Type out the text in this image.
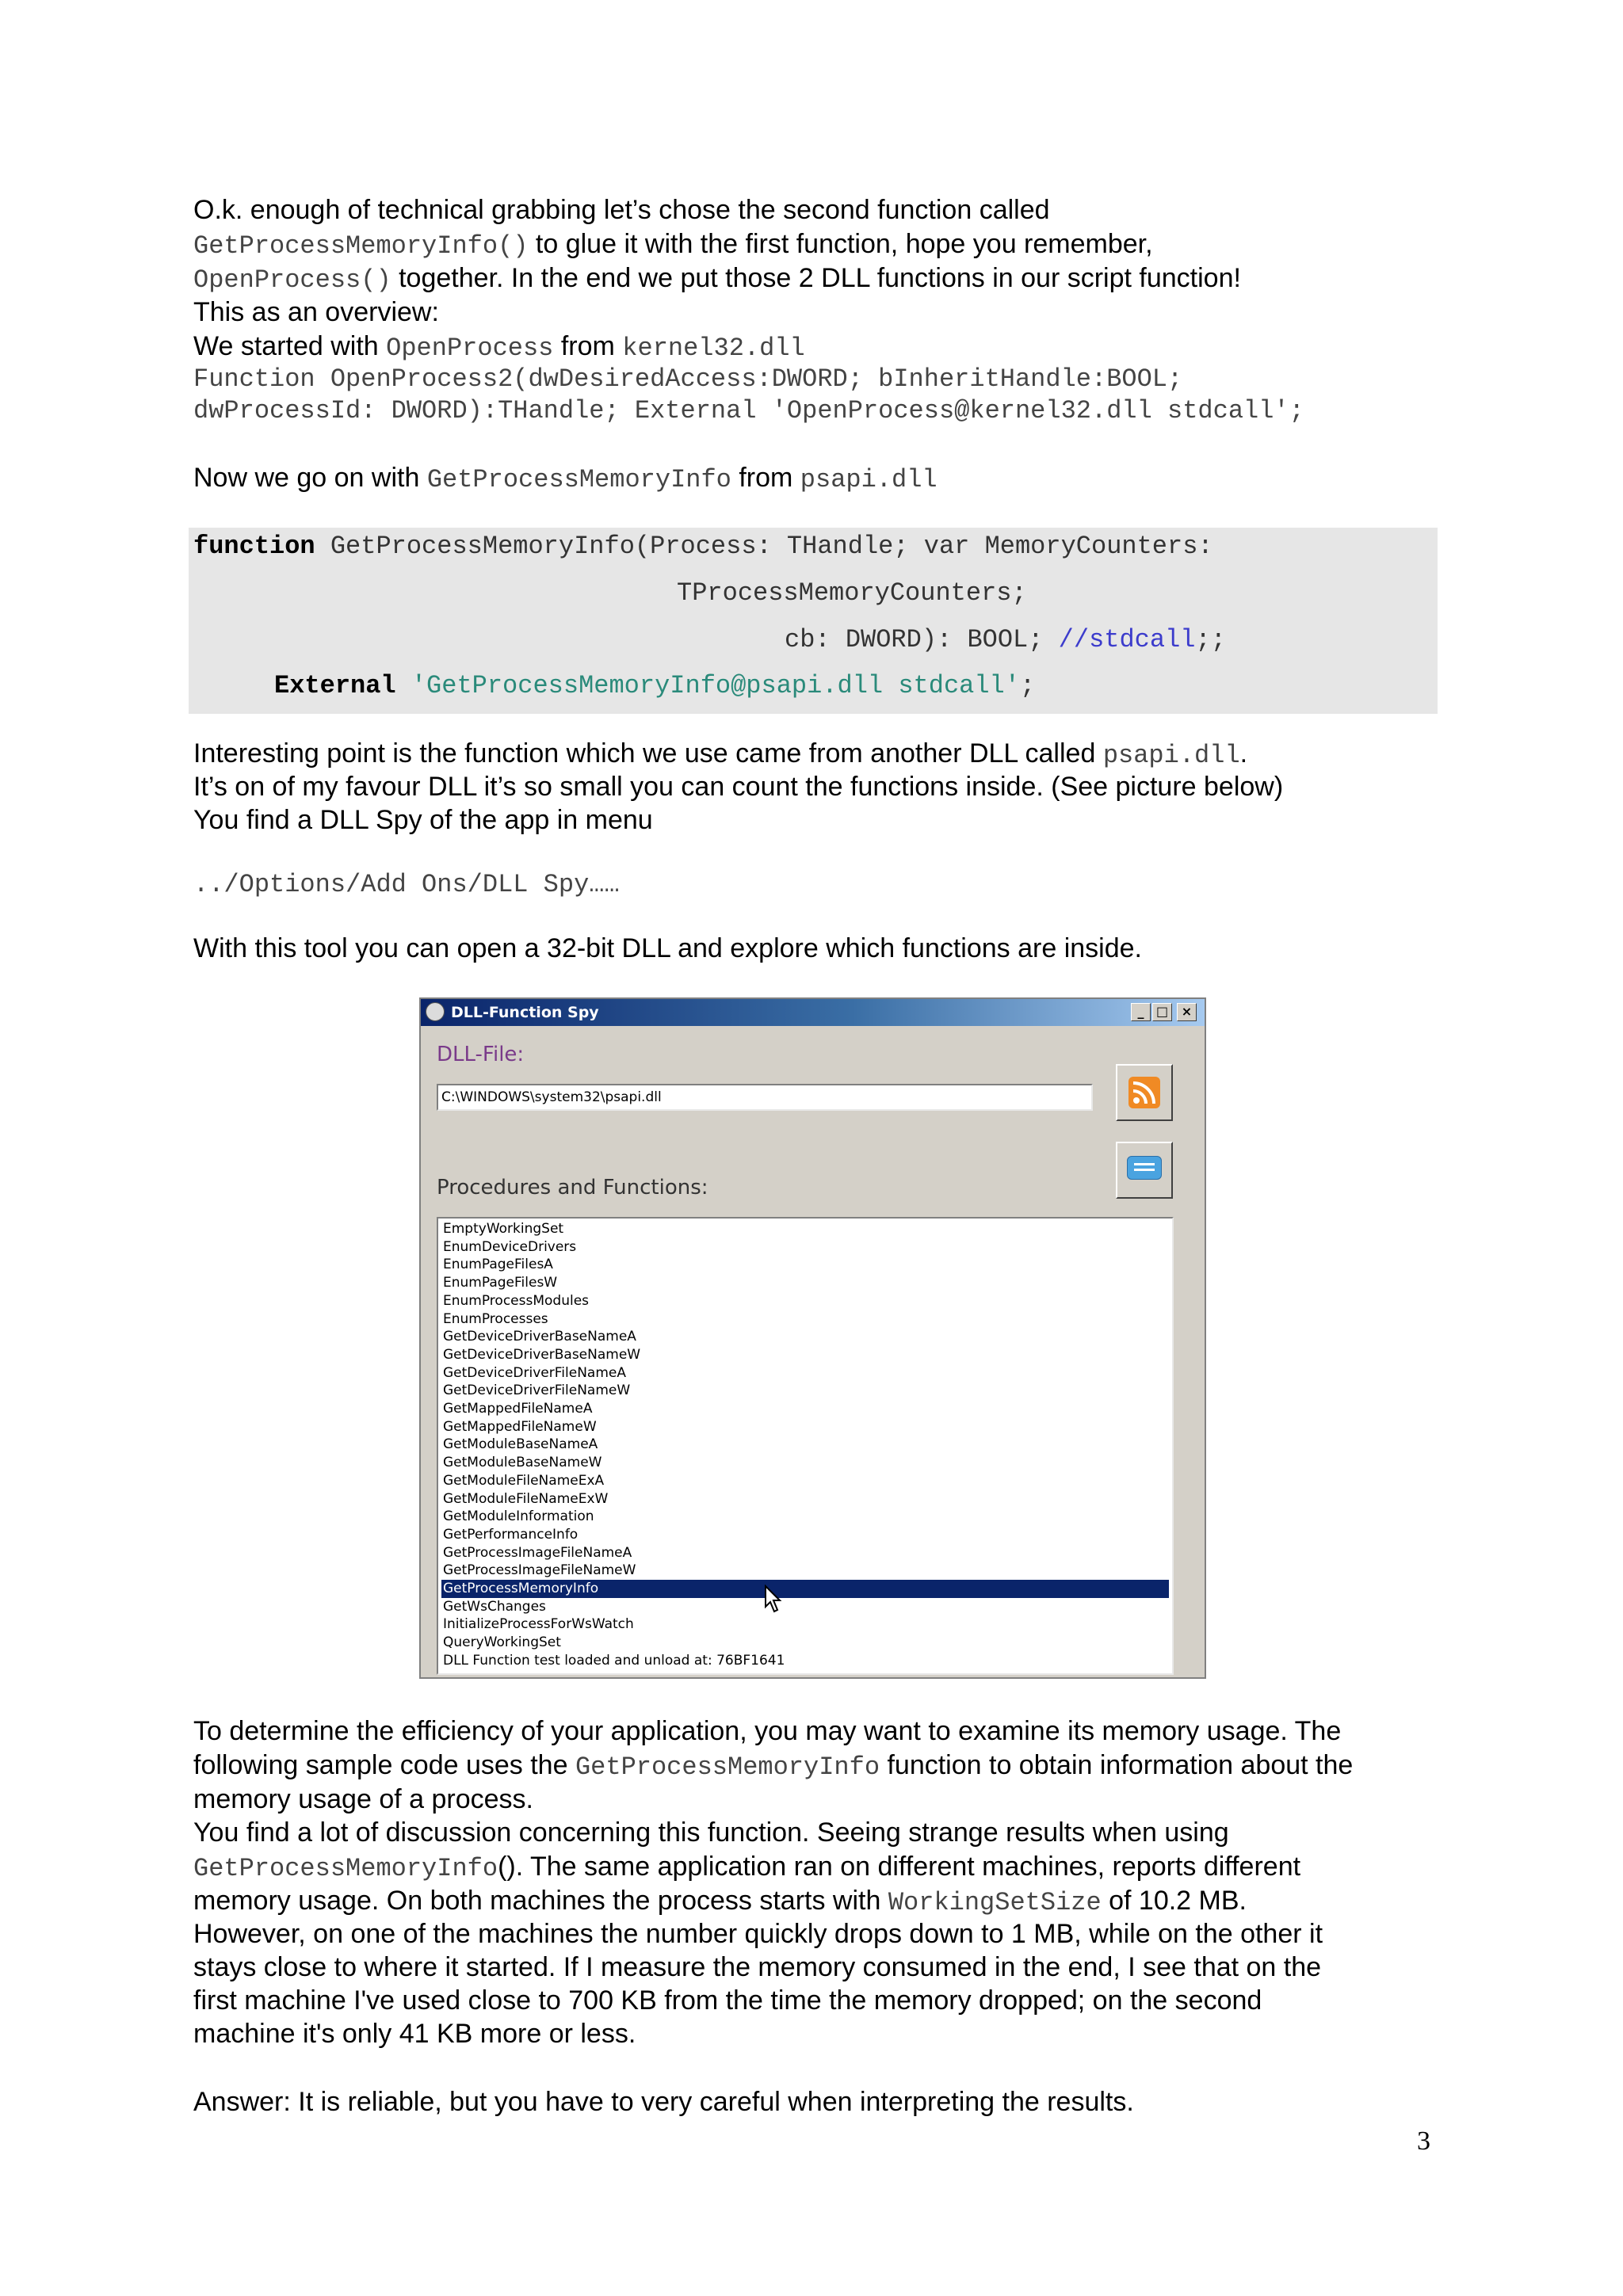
O.k. enough of technical grabbing let’s chose the second function called
GetProcessMemoryInfo() to glue it with the first function, hope you remember,
OpenProcess() together. In the end we put those 2 DLL functions in our script function!
This as an overview:
We started with OpenProcess from kernel32.dll
Function OpenProcess2(dwDesiredAccess:DWORD; bInheritHandle:BOOL;
dwProcessId: DWORD):THandle; External 'OpenProcess@kernel32.dll stdcall';
Now we go on with GetProcessMemoryInfo from psapi.dll
function GetProcessMemoryInfo(Process: THandle; var MemoryCounters:
TProcessMemoryCounters;
cb: DWORD): BOOL; //stdcall;;
External 'GetProcessMemoryInfo@psapi.dll stdcall';
Interesting point is the function which we use came from another DLL called psapi.dll.
It’s on of my favour DLL it’s so small you can count the functions inside. (See picture below)
You find a DLL Spy of the app in menu
../Options/Add Ons/DLL Spy……
With this tool you can open a 32-bit DLL and explore which functions are inside.
DLL-Function Spy	_ □	×
DLL-File:
C:\WINDOWS\system32\psapi.dll
Procedures and Functions:
EmptyWorkingSet
EnumDeviceDrivers
EnumPageFilesA
EnumPageFilesW
EnumProcessModules
EnumProcesses
GetDeviceDriverBaseNameA
GetDeviceDriverBaseNameW
GetDeviceDriverFileNameA
GetDeviceDriverFileNameW
GetMappedFileNameA
GetMappedFileNameW
GetModuleBaseNameA
GetModuleBaseNameW
GetModuleFileNameExA
GetModuleFileNameExW
GetModuleInformation
GetPerformanceInfo
GetProcessImageFileNameA
GetProcessImageFileNameW
GetProcessMemoryInfo
GetWsChanges
InitializeProcessForWsWatch
QueryWorkingSet
DLL Function test loaded and unload at: 76BF1641
To determine the efficiency of your application, you may want to examine its memory usage. The
following sample code uses the GetProcessMemoryInfo function to obtain information about the
memory usage of a process.
You find a lot of discussion concerning this function. Seeing strange results when using
GetProcessMemoryInfo(). The same application ran on different machines, reports different
memory usage. On both machines the process starts with WorkingSetSize of 10.2 MB.
However, on one of the machines the number quickly drops down to 1 MB, while on the other it
stays close to where it started. If I measure the memory consumed in the end, I see that on the
first machine I've used close to 700 KB from the time the memory dropped; on the second
machine it's only 41 KB more or less.
Answer: It is reliable, but you have to very careful when interpreting the results.
3
